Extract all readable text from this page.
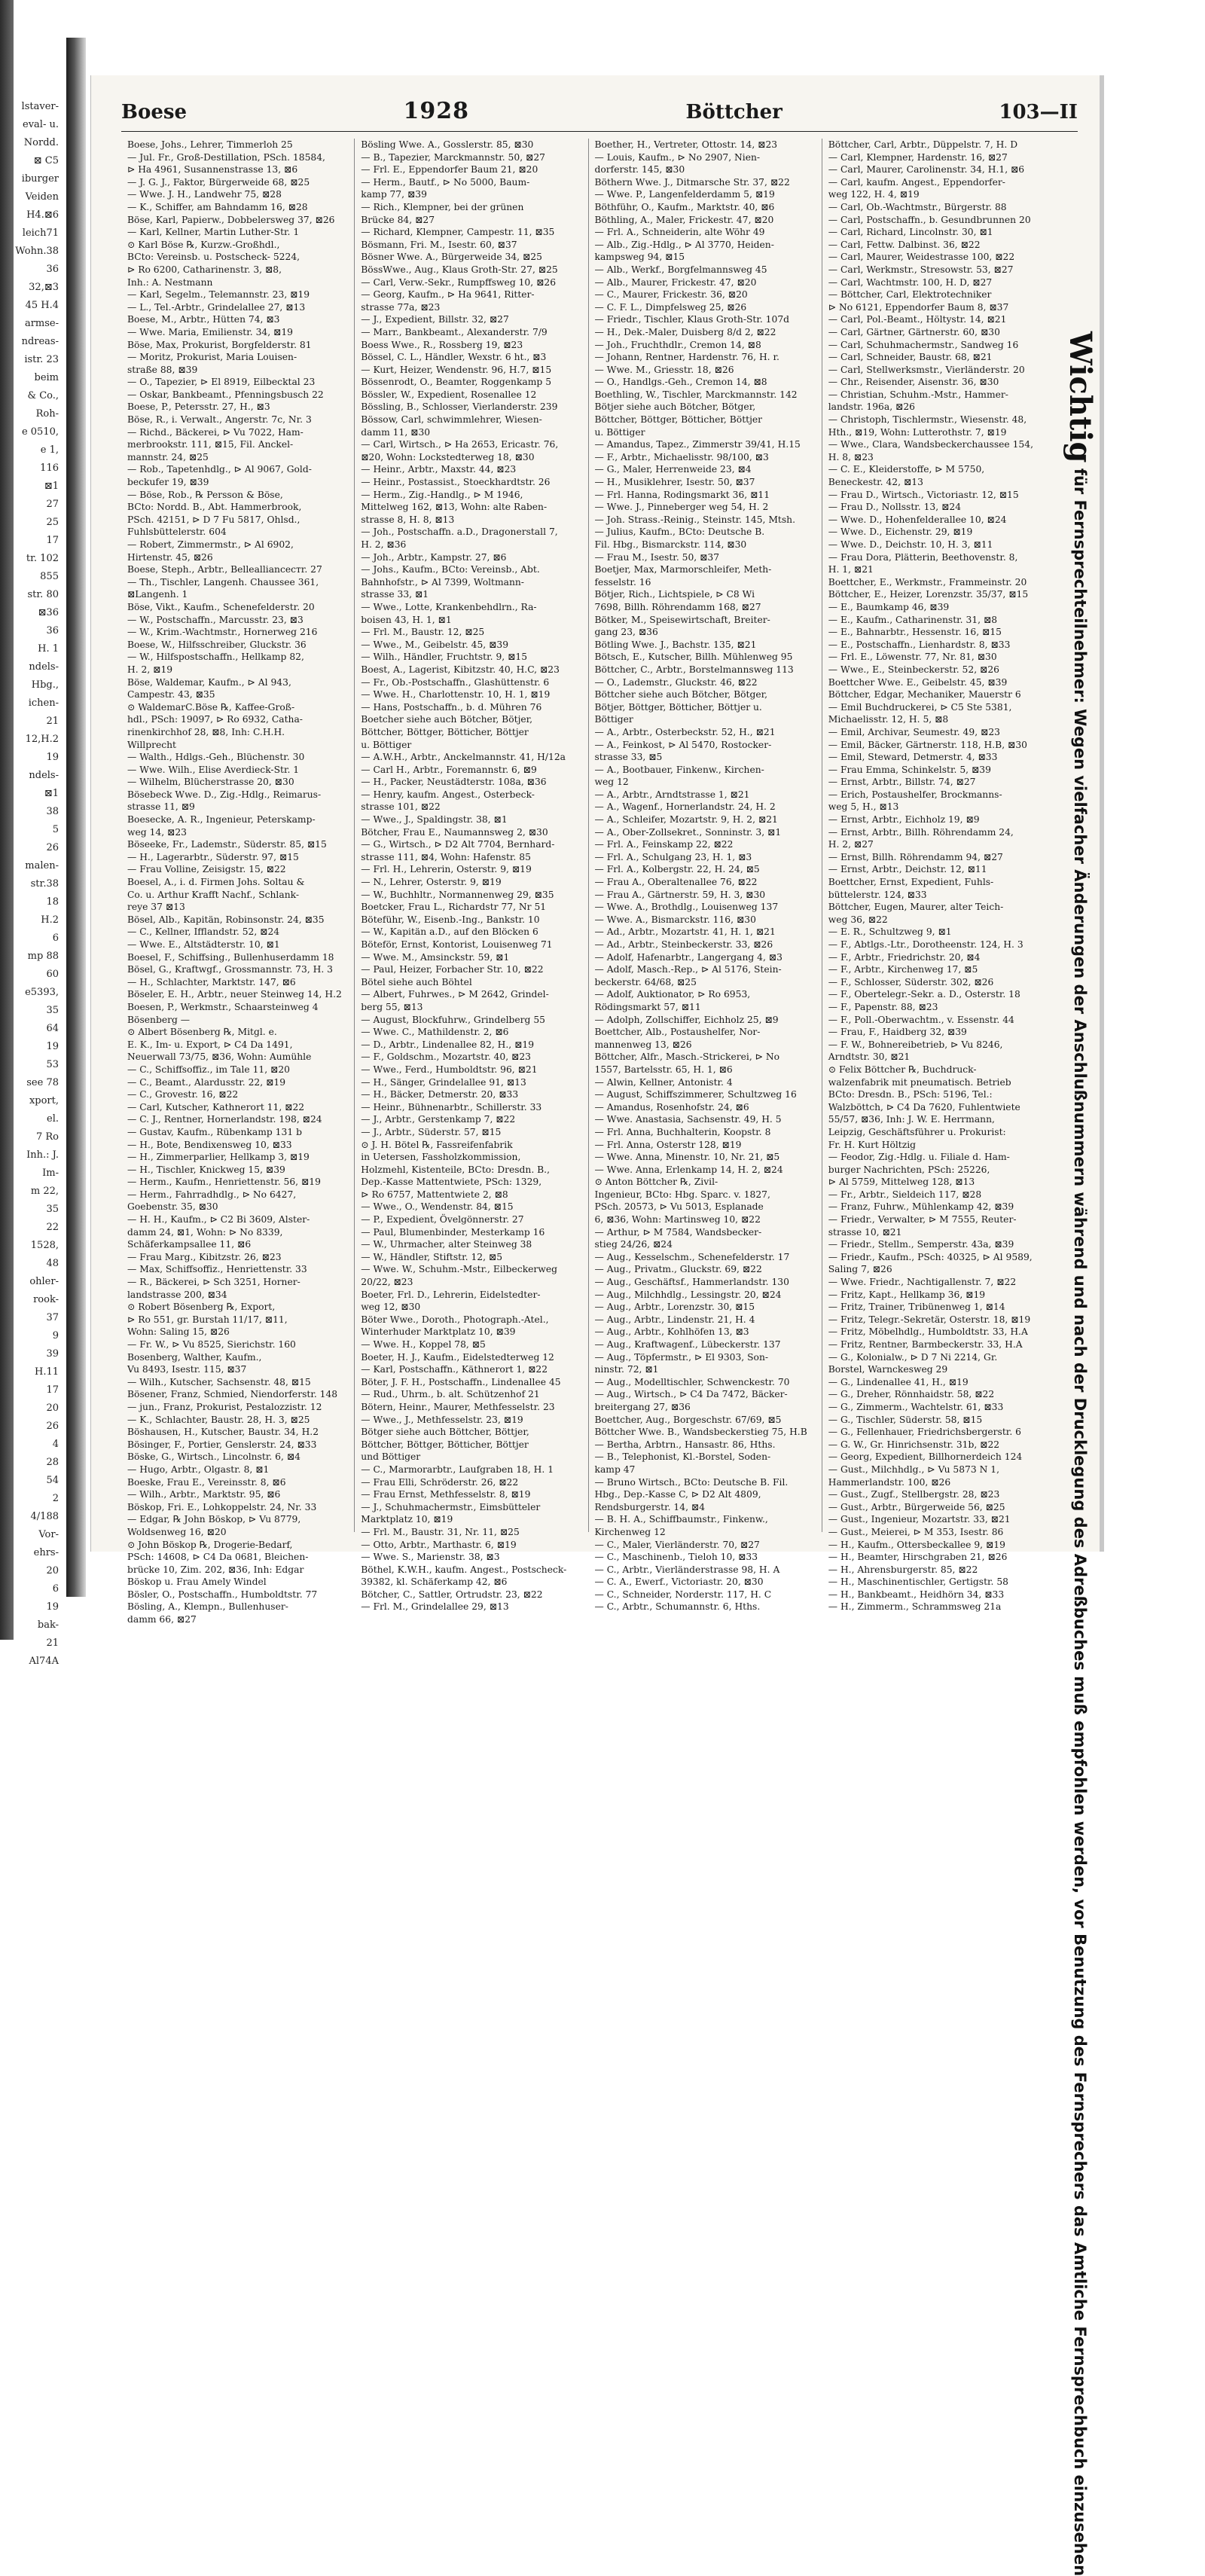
lstaver-
eval- u.
Nordd.
⊠ C5
iburger
Veiden
H4.⊠6
leich71
Wohn.38
36
32,⊠3
45 H.4
armse-
ndreas-
istr. 23
beim
& Co.,
Roh-
e 0510,
e 1,
116
⊠1
27
25
17
tr. 102
855
str. 80
⊠36
36
H. 1
ndels-
Hbg.,
ichen-
21
12,H.2
19
ndels-
⊠1
38
5
26
malen-
str.38
18
H.2
6
mp 88
60
e5393,
35
64
19
53
see 78
xport,
el.
7 Ro
Inh.: J.
Im-
m 22,
35
22
1528,
48
ohler-
rook-
37
9
39
H.11
17
20
26
4
28
54
2
4/188
Vor-
ehrs-
20
6
19
bak-
21
Al74A
Boese	1928	Böttcher	103—II

Boese, Johs., Lehrer, Timmerloh 25

— Jul. Fr., Groß-Destillation, PSch. 18584,

⊳ Ha 4961, Susannenstrasse 13, ⊠6

— J. G. J., Faktor, Bürgerweide 68, ⊠25

— Wwe. J. H., Landwehr 75, ⊠28

— K., Schiffer, am Bahndamm 16, ⊠28

Böse, Karl, Papierw., Dobbelersweg 37, ⊠26

— Karl, Kellner, Martin Luther-Str. 1

⊙ Karl Böse ℞, Kurzw.-Großhdl.,

BCto: Vereinsb. u. Postscheck- 5224,

⊳ Ro 6200, Catharinenstr. 3, ⊠8,

Inh.: A. Nestmann

— Karl, Segelm., Telemannstr. 23, ⊠19

— L., Tel.-Arbtr., Grindelallee 27, ⊠13

Boese, M., Arbtr., Hütten 74, ⊠3

— Wwe. Maria, Emilienstr. 34, ⊠19

Böse, Max, Prokurist, Borgfelderstr. 81

— Moritz, Prokurist, Maria Louisen-

straße 88, ⊠39

— O., Tapezier, ⊳ El 8919, Eilbecktal 23

— Oskar, Bankbeamt., Pfenningsbusch 22

Boese, P., Petersstr. 27, H., ⊠3

Böse, R., i. Verwalt., Angerstr. 7c, Nr. 3

— Richd., Bäckerei, ⊳ Vu 7022, Ham-

merbrookstr. 111, ⊠15, Fil. Anckel-

mannstr. 24, ⊠25

— Rob., Tapetenhdlg., ⊳ Al 9067, Gold-

beckufer 19, ⊠39

— Böse, Rob., ℞ Persson & Böse,

BCto: Nordd. B., Abt. Hammerbrook,

PSch. 42151, ⊳ D 7 Fu 5817, Ohlsd.,

Fuhlsbüttelerstr. 604

— Robert, Zimmermstr., ⊳ Al 6902,

Hirtenstr. 45, ⊠26

Boese, Steph., Arbtr., Belleallianceстr. 27

— Th., Tischler, Langenh. Chaussee 361,

⊠Langenh. 1

Böse, Vikt., Kaufm., Schenefelderstr. 20

— W., Postschaffn., Marcusstr. 23, ⊠3

— W., Krim.-Wachtmstr., Hornerweg 216

Boese, W., Hilfsschreiber, Gluckstr. 36

— W., Hilfspostschaffn., Hellkamp 82,

H. 2, ⊠19

Böse, Waldemar, Kaufm., ⊳ Al 943,

Campestr. 43, ⊠35

⊙ WaldemarC.Böse ℞, Kaffee-Groß-

hdl., PSch: 19097, ⊳ Ro 6932, Catha-

rinenkirchhof 28, ⊠8, Inh: C.H.H.

Willprecht

— Walth., Hdlgs.-Geh., Blüchenstr. 30

— Wwe. Wilh., Elise Averdieck-Str. 1

— Wilhelm, Blücherstrasse 20, ⊠30

Bösebeck Wwe. D., Zig.-Hdlg., Reimarus-

strasse 11, ⊠9

Boesecke, A. R., Ingenieur, Peterskamp-

weg 14, ⊠23

Böseeke, Fr., Lademstr., Süderstr. 85, ⊠15

— H., Lagerarbtr., Süderstr. 97, ⊠15

— Frau Volline, Zeisigstr. 15, ⊠22

Boesel, A., i. d. Firmen Johs. Soltau &

Co. u. Arthur Krafft Nachf., Schlank-

reye 37 ⊠13

Bösel, Alb., Kapitän, Robinsonstr. 24, ⊠35

— C., Kellner, Ifflandstr. 52, ⊠24

— Wwe. E., Altstädterstr. 10, ⊠1

Boesel, F., Schiffsing., Bullenhuserdamm 18

Bösel, G., Kraftwgf., Grossmannstr. 73, H. 3

— H., Schlachter, Marktstr. 147, ⊠6

Böseler, E. H., Arbtr., neuer Steinweg 14, H.2

Boesen, P., Werkmstr., Schaarsteinweg 4

Bösenberg —

⊙ Albert Bösenberg ℞, Mitgl. e.

E. K., Im- u. Export, ⊳ C4 Da 1491,

Neuerwall 73/75, ⊠36, Wohn: Aumühle

— C., Schiffsoffiz., im Tale 11, ⊠20

— C., Beamt., Alardusstr. 22, ⊠19

— C., Grovestr. 16, ⊠22

— Carl, Kutscher, Kathnerort 11, ⊠22

— C. J., Rentner, Hornerlandstr. 198, ⊠24

— Gustav, Kaufm., Rübenkamp 131 b

— H., Bote, Bendixensweg 10, ⊠33

— H., Zimmerparlier, Hellkamp 3, ⊠19

— H., Tischler, Knickweg 15, ⊠39

— Herm., Kaufm., Henriettenstr. 56, ⊠19

— Herm., Fahrradhdlg., ⊳ No 6427,

Goebenstr. 35, ⊠30

— H. H., Kaufm., ⊳ C2 Bi 3609, Alster-

damm 24, ⊠1, Wohn: ⊳ No 8339,

Schäferkampsallee 11, ⊠6

— Frau Marg., Kibitzstr. 26, ⊠23

— Max, Schiffsoffiz., Henriettenstr. 33

— R., Bäckerei, ⊳ Sch 3251, Horner-

landstrasse 200, ⊠34

⊙ Robert Bösenberg ℞, Export,

⊳ Ro 551, gr. Burstah 11/17, ⊠11,

Wohn: Saling 15, ⊠26

— Fr. W., ⊳ Vu 8525, Sierichstr. 160

Bosenberg, Walther, Kaufm.,

Vu 8493, Isestr. 115, ⊠37

— Wilh., Kutscher, Sachsenstr. 48, ⊠15

Bösener, Franz, Schmied, Niendorferstr. 148

— jun., Franz, Prokurist, Pestalozzistr. 12

— K., Schlachter, Baustr. 28, H. 3, ⊠25

Böshausen, H., Kutscher, Baustr. 34, H.2

Bösinger, F., Portier, Genslerstr. 24, ⊠33

Böske, G., Wirtsch., Lincolnstr. 6, ⊠4

— Hugo, Arbtr., Olgastr. 8, ⊠1

Boeske, Frau E., Vereinsstr. 8, ⊠6

— Wilh., Arbtr., Marktstr. 95, ⊠6

Böskop, Fri. E., Lohkoppelstr. 24, Nr. 33

— Edgar, ℞ John Böskop, ⊳ Vu 8779,

Woldsenweg 16, ⊠20

⊙ John Böskop ℞, Drogerie-Bedarf,

PSch: 14608, ⊳ C4 Da 0681, Bleichen-

brücke 10, Zim. 202, ⊠36, Inh: Edgar

Böskop u. Frau Amely Windel

Bösler, O., Postschaffn., Humboldtstr. 77

Bösling, A., Klempn., Bullenhuser-

damm 66, ⊠27

Bösling Wwe. A., Gosslerstr. 85, ⊠30

— B., Tapezier, Marckmannstr. 50, ⊠27

— Frl. E., Eppendorfer Baum 21, ⊠20

— Herm., Bautf., ⊳ No 5000, Baum-

kamp 77, ⊠39

— Rich., Klempner, bei der grünen

Brücke 84, ⊠27

— Richard, Klempner, Campestr. 11, ⊠35

Bösmann, Fri. M., Isestr. 60, ⊠37

Bösner Wwe. A., Bürgerweide 34, ⊠25

BössWwe., Aug., Klaus Groth-Str. 27, ⊠25

— Carl, Verw.-Sekr., Rumpffsweg 10, ⊠26

— Georg, Kaufm., ⊳ Ha 9641, Ritter-

strasse 77a, ⊠23

— J., Expedient, Billstr. 32, ⊠27

— Marr., Bankbeamt., Alexanderstr. 7/9

Boess Wwe., R., Rossberg 19, ⊠23

Bössel, C. L., Händler, Wexstr. 6 ht., ⊠3

— Kurt, Heizer, Wendenstr. 96, H.7, ⊠15

Bössenrodt, O., Beamter, Roggenkamp 5

Bössler, W., Expedient, Rosenallee 12

Bössling, B., Schlosser, Vierlanderstr. 239

Bössow, Carl, schwimmlehrer, Wiesen-

damm 11, ⊠30

— Carl, Wirtsch., ⊳ Ha 2653, Ericastr. 76,

⊠20, Wohn: Lockstedterweg 18, ⊠30

— Heinr., Arbtr., Maxstr. 44, ⊠23

— Heinr., Postassist., Stoeckhardtstr. 26

— Herm., Zig.-Handlg., ⊳ M 1946,

Mittelweg 162, ⊠13, Wohn: alte Raben-

strasse 8, H. 8, ⊠13

— Joh., Postschaffn. a.D., Dragonerstall 7,

H. 2, ⊠36

— Joh., Arbtr., Kampstr. 27, ⊠6

— Johs., Kaufm., BCto: Vereinsb., Abt.

Bahnhofstr., ⊳ Al 7399, Woltmann-

strasse 33, ⊠1

— Wwe., Lotte, Krankenbehdlrn., Ra-

boisen 43, H. 1, ⊠1

— Frl. M., Baustr. 12, ⊠25

— Wwe., M., Geibelstr. 45, ⊠39

— Wilh., Händler, Fruchtstr. 9, ⊠15

Boest, A., Lagerist, Kibitzstr. 40, H.C, ⊠23

— Fr., Ob.-Postschaffn., Glashüttenstr. 6

— Wwe. H., Charlottenstr. 10, H. 1, ⊠19

— Hans, Postschaffn., b. d. Mühren 76

Boetcher siehe auch Bötcher, Bötjer,

Böttcher, Böttger, Bötticher, Böttjer

u. Böttiger

— A.W.H., Arbtr., Anckelmannstr. 41, H/12a

— Carl H., Arbtr., Foremannstr. 6, ⊠9

— H., Packer, Neustädterstr. 108a, ⊠36

— Henry, kaufm. Angest., Osterbeck-

strasse 101, ⊠22

— Wwe., J., Spaldingstr. 38, ⊠1

Bötcher, Frau E., Naumannsweg 2, ⊠30

— G., Wirtsch., ⊳ D2 Alt 7704, Bernhard-

strasse 111, ⊠4, Wohn: Hafenstr. 85

— Frl. H., Lehrerin, Osterstr. 9, ⊠19

— N., Lehrer, Osterstr. 9, ⊠19

— W., Buchhltr., Normannenweg 29, ⊠35

Boetcker, Frau L., Richardstr 77, Nr 51

Böteführ, W., Eisenb.-Ing., Bankstr. 10

— W., Kapitän a.D., auf den Blöcken 6

Böteför, Ernst, Kontorist, Louisenweg 71

— Wwe. M., Amsinckstr. 59, ⊠1

— Paul, Heizer, Forbacher Str. 10, ⊠22

Bötel siehe auch Böhtel

— Albert, Fuhrwes., ⊳ M 2642, Grindel-

berg 55, ⊠13

— August, Blockfuhrw., Grindelberg 55

— Wwe. C., Mathildenstr. 2, ⊠6

— D., Arbtr., Lindenallee 82, H., ⊠19

— F., Goldschm., Mozartstr. 40, ⊠23

— Wwe., Ferd., Humboldtstr. 96, ⊠21

— H., Sänger, Grindelallee 91, ⊠13

— H., Bäcker, Detmerstr. 20, ⊠33

— Heinr., Bühnenarbtr., Schillerstr. 33

— J., Arbtr., Gerstenkamp 7, ⊠22

— J., Arbtr., Süderstr. 57, ⊠15

⊙ J. H. Bötel ℞, Fassreifenfabrik

in Uetersen, Fassholzkommission,

Holzmehl, Kistenteile, BCto: Dresdn. B.,

Dep.-Kasse Mattentwiete, PSch: 1329,

⊳ Ro 6757, Mattentwiete 2, ⊠8

— Wwe., O., Wendenstr. 84, ⊠15

— P., Expedient, Övelgönnerstr. 27

— Paul, Blumenbinder, Mesterkamp 16

— W., Uhrmacher, alter Steinweg 38

— W., Händler, Stiftstr. 12, ⊠5

— Wwe. W., Schuhm.-Mstr., Eilbeckerweg

20/22, ⊠23

Boeter, Frl. D., Lehrerin, Eidelstedter-

weg 12, ⊠30

Böter Wwe., Doroth., Photograph.-Atel.,

Winterhuder Marktplatz 10, ⊠39

— Wwe. H., Koppel 78, ⊠5

Boeter, H. J., Kaufm., Eidelstedterweg 12

— Karl, Postschaffn., Käthnerort 1, ⊠22

Böter, J. F. H., Postschaffn., Lindenallee 45

— Rud., Uhrm., b. alt. Schützenhof 21

Bötern, Heinr., Maurer, Methfesselstr. 23

— Wwe., J., Methfesselstr. 23, ⊠19

Bötger siehe auch Böttcher, Böttjer,

Böttcher, Böttger, Bötticher, Böttjer

und Böttiger

— C., Marmorarbtr., Laufgraben 18, H. 1

— Frau Elli, Schröderstr. 26, ⊠22

— Frau Ernst, Methfesselstr. 8, ⊠19

— J., Schuhmachermstr., Eimsbütteler

Marktplatz 10, ⊠19

— Frl. M., Baustr. 31, Nr. 11, ⊠25

— Otto, Arbtr., Marthastr. 6, ⊠19

— Wwe. S., Marienstr. 38, ⊠3

Böthel, K.W.H., kaufm. Angest., Postscheck-

39382, kl. Schäferkamp 42, ⊠6

Bötcher, C., Sattler, Ortrudstr. 23, ⊠22

— Frl. M., Grindelallee 29, ⊠13

Boether, H., Vertreter, Ottostr. 14, ⊠23

— Louis, Kaufm., ⊳ No 2907, Nien-

dorferstr. 145, ⊠30

Böthern Wwe. J., Ditmarsche Str. 37, ⊠22

— Wwe. P., Langenfelderdamm 5, ⊠19

Böthführ, O., Kaufm., Marktstr. 40, ⊠6

Böthling, A., Maler, Frickestr. 47, ⊠20

— Frl. A., Schneiderin, alte Wöhr 49

— Alb., Zig.-Hdlg., ⊳ Al 3770, Heiden-

kampsweg 94, ⊠15

— Alb., Werkf., Borgfelmannsweg 45

— Alb., Maurer, Frickestr. 47, ⊠20

— C., Maurer, Frickestr. 36, ⊠20

— C. F. L., Dimpfelsweg 25, ⊠26

— Friedr., Tischler, Klaus Groth-Str. 107d

— H., Dek.-Maler, Duisberg 8/d 2, ⊠22

— Joh., Fruchthdlr., Cremon 14, ⊠8

— Johann, Rentner, Hardenstr. 76, H. r.

— Wwe. M., Griesstr. 18, ⊠26

— O., Handlgs.-Geh., Cremon 14, ⊠8

Boethling, W., Tischler, Marckmannstr. 142

Bötjer siehe auch Bötcher, Bötger,

Böttcher, Böttger, Bötticher, Böttjer

u. Böttiger

— Amandus, Tapez., Zimmerstr 39/41, H.15

— F., Arbtr., Michaelisstr. 98/100, ⊠3

— G., Maler, Herrenweide 23, ⊠4

— H., Musiklehrer, Isestr. 50, ⊠37

— Frl. Hanna, Rodingsmarkt 36, ⊠11

— Wwe. J., Pinneberger weg 54, H. 2

— Joh. Strass.-Reinig., Steinstr. 145, Mtsh.

— Julius, Kaufm., BCto: Deutsche B.

Fil. Hbg., Bismarckstr. 114, ⊠30

— Frau M., Isestr. 50, ⊠37

Boetjer, Max, Marmorschleifer, Meth-

fesselstr. 16

Bötjer, Rich., Lichtspiele, ⊳ C8 Wi

7698, Billh. Röhrendamm 168, ⊠27

Bötker, M., Speisewirtschaft, Breiter-

gang 23, ⊠36

Bötling Wwe. J., Bachstr. 135, ⊠21

Bötsch, E., Kutscher, Billh. Mühlenweg 95

Böttcher, C., Arbtr., Borstelmannsweg 113

— O., Lademstr., Gluckstr. 46, ⊠22

Böttcher siehe auch Bötcher, Bötger,

Bötjer, Böttger, Bötticher, Böttjer u.

Böttiger

— A., Arbtr., Osterbeckstr. 52, H., ⊠21

— A., Feinkost, ⊳ Al 5470, Rostocker-

strasse 33, ⊠5

— A., Bootbauer, Finkenw., Kirchen-

weg 12

— A., Arbtr., Arndtstrasse 1, ⊠21

— A., Wagenf., Hornerlandstr. 24, H. 2

— A., Schleifer, Mozartstr. 9, H. 2, ⊠21

— A., Ober-Zollsekret., Sonninstr. 3, ⊠1

— Frl. A., Feinskamp 22, ⊠22

— Frl. A., Schulgang 23, H. 1, ⊠3

— Frl. A., Kolbergstr. 22, H. 24, ⊠5

— Frau A., Oberaltenallee 76, ⊠22

— Frau A., Gärtnerstr. 59, H. 3, ⊠30

— Wwe. A., Brothdlg., Louisenweg 137

— Wwe. A., Bismarckstr. 116, ⊠30

— Ad., Arbtr., Mozartstr. 41, H. 1, ⊠21

— Ad., Arbtr., Steinbeckerstr. 33, ⊠26

— Adolf, Hafenarbtr., Langergang 4, ⊠3

— Adolf, Masch.-Rep., ⊳ Al 5176, Stein-

beckerstr. 64/68, ⊠25

— Adolf, Auktionator, ⊳ Ro 6953,

Rödingsmarkt 57, ⊠11

— Adolph, Zollschiffer, Eichholz 25, ⊠9

Boettcher, Alb., Postaushelfer, Nor-

mannenweg 13, ⊠26

Böttcher, Alfr., Masch.-Strickerei, ⊳ No

1557, Bartelsstr. 65, H. 1, ⊠6

— Alwin, Kellner, Antonistr. 4

— August, Schiffszimmerer, Schultzweg 16

— Amandus, Rosenhofstr. 24, ⊠6

— Wwe. Anastasia, Sachsenstr. 49, H. 5

— Frl. Anna, Buchhalterin, Koopstr. 8

— Frl. Anna, Osterstr 128, ⊠19

— Wwe. Anna, Minenstr. 10, Nr. 21, ⊠5

— Wwe. Anna, Erlenkamp 14, H. 2, ⊠24

⊙ Anton Böttcher ℞, Zivil-

Ingenieur, BCto: Hbg. Sparc. v. 1827,

PSch. 20573, ⊳ Vu 5013, Esplanade

6, ⊠36, Wohn: Martinsweg 10, ⊠22

— Arthur, ⊳ M 7584, Wandsbecker-

stieg 24/26, ⊠24

— Aug., Kesselschm., Schenefelderstr. 17

— Aug., Privatm., Gluckstr. 69, ⊠22

— Aug., Geschäftsf., Hammerlandstr. 130

— Aug., Milchhdlg., Lessingstr. 20, ⊠24

— Aug., Arbtr., Lorenzstr. 30, ⊠15

— Aug., Arbtr., Lindenstr. 21, H. 4

— Aug., Arbtr., Kohlhöfen 13, ⊠3

— Aug., Kraftwagenf., Lübeckerstr. 137

— Aug., Töpfermstr., ⊳ El 9303, Son-

ninstr. 72, ⊠1

— Aug., Modelltischler, Schwenckestr. 70

— Aug., Wirtsch., ⊳ C4 Da 7472, Bäcker-

breitergang 27, ⊠36

Boettcher, Aug., Borgeschstr. 67/69, ⊠5

Böttcher Wwe. B., Wandsbeckerstieg 75, H.B

— Bertha, Arbtrn., Hansastr. 86, Hths.

— B., Telephonist, Kl.-Borstel, Soden-

kamp 47

— Bruno Wirtsch., BCto: Deutsche B. Fil.

Hbg., Dep.-Kasse C, ⊳ D2 Alt 4809,

Rendsburgerstr. 14, ⊠4

— B. H. A., Schiffbaumstr., Finkenw.,

Kirchenweg 12

— C., Maler, Vierländerstr. 70, ⊠27

— C., Maschinenb., Tieloh 10, ⊠33

— C., Arbtr., Vierländerstrasse 98, H. A

— C. A., Ewerf., Victoriastr. 20, ⊠30

— C., Schneider, Norderstr. 117, H. C

— C., Arbtr., Schumannstr. 6, Hths.

Böttcher, Carl, Arbtr., Düppelstr. 7, H. D

— Carl, Klempner, Hardenstr. 16, ⊠27

— Carl, Maurer, Carolinenstr. 34, H.1, ⊠6

— Carl, kaufm. Angest., Eppendorfer-

weg 122, H. 4, ⊠19

— Carl, Ob.-Wachtmstr., Bürgerstr. 88

— Carl, Postschaffn., b. Gesundbrunnen 20

— Carl, Richard, Lincolnstr. 30, ⊠1

— Carl, Fettw. Dalbinst. 36, ⊠22

— Carl, Maurer, Weidestrasse 100, ⊠22

— Carl, Werkmstr., Stresowstr. 53, ⊠27

— Carl, Wachtmstr. 100, H. D, ⊠27

— Böttcher, Carl, Elektrotechniker

⊳ No 6121, Eppendorfer Baum 8, ⊠37

— Carl, Pol.-Beamt., Höltystr. 14, ⊠21

— Carl, Gärtner, Gärtnerstr. 60, ⊠30

— Carl, Schuhmachermstr., Sandweg 16

— Carl, Schneider, Baustr. 68, ⊠21

— Carl, Stellwerksmstr., Vierländerstr. 20

— Chr., Reisender, Aisenstr. 36, ⊠30

— Christian, Schuhm.-Mstr., Hammer-

landstr. 196a, ⊠26

— Christoph, Tischlermstr., Wiesenstr. 48,

Hth., ⊠19, Wohn: Lutterothstr. 7, ⊠19

— Wwe., Clara, Wandsbeckerchaussee 154,

H. 8, ⊠23

— C. E., Kleiderstoffe, ⊳ M 5750,

Beneckestr. 42, ⊠13

— Frau D., Wirtsch., Victoriastr. 12, ⊠15

— Frau D., Nollsstr. 13, ⊠24

— Wwe. D., Hohenfelderallee 10, ⊠24

— Wwe. D., Eichenstr. 29, ⊠19

— Wwe. D., Deichstr. 10, H. 3, ⊠11

— Frau Dora, Plätterin, Beethovenstr. 8,

H. 1, ⊠21

Boettcher, E., Werkmstr., Frammeinstr. 20

Böttcher, E., Heizer, Lorenzstr. 35/37, ⊠15

— E., Baumkamp 46, ⊠39

— E., Kaufm., Catharinenstr. 31, ⊠8

— E., Bahnarbtr., Hessenstr. 16, ⊠15

— E., Postschaffn., Lienhardstr. 8, ⊠33

— Frl. E., Löwenstr. 77, Nr. 81, ⊠30

— Wwe., E., Steinbeckerstr. 52, ⊠26

Boettcher Wwe. E., Geibelstr. 45, ⊠39

Böttcher, Edgar, Mechaniker, Mauerstr 6

— Emil Buchdruckerei, ⊳ C5 Ste 5381,

Michaelisstr. 12, H. 5, ⊠8

— Emil, Archivar, Seumestr. 49, ⊠23

— Emil, Bäcker, Gärtnerstr. 118, H.B, ⊠30

— Emil, Steward, Detmerstr. 4, ⊠33

— Frau Emma, Schinkelstr. 5, ⊠39

— Ernst, Arbtr., Billstr. 74, ⊠27

— Erich, Postaushelfer, Brockmanns-

weg 5, H., ⊠13

— Ernst, Arbtr., Eichholz 19, ⊠9

— Ernst, Arbtr., Billh. Röhrendamm 24,

H. 2, ⊠27

— Ernst, Billh. Röhrendamm 94, ⊠27

— Ernst, Arbtr., Deichstr. 12, ⊠11

Boettcher, Ernst, Expedient, Fuhls-

büttelerstr. 124, ⊠33

Böttcher, Eugen, Maurer, alter Teich-

weg 36, ⊠22

— E. R., Schultzweg 9, ⊠1

— F., Abtlgs.-Ltr., Dorotheenstr. 124, H. 3

— F., Arbtr., Friedrichstr. 20, ⊠4

— F., Arbtr., Kirchenweg 17, ⊠5

— F., Schlosser, Süderstr. 302, ⊠26

— F., Obertelegr.-Sekr. a. D., Osterstr. 18

— F., Papenstr. 88, ⊠23

— F., Poll.-Oberwachtm., v. Essenstr. 44

— Frau, F., Haidberg 32, ⊠39

— F. W., Bohnereibetrieb, ⊳ Vu 8246,

Arndtstr. 30, ⊠21

⊙ Felix Böttcher ℞, Buchdruck-

walzenfabrik mit pneumatisch. Betrieb

BCto: Dresdn. B., PSch: 5196, Tel.:

Walzböttch, ⊳ C4 Da 7620, Fuhlentwiete

55/57, ⊠36, Inh: J. W. E. Herrmann,

Leipzig, Geschäftsführer u. Prokurist:

Fr. H. Kurt Höltzig

— Feodor, Zig.-Hdlg. u. Filiale d. Ham-

burger Nachrichten, PSch: 25226,

⊳ Al 5759, Mittelweg 128, ⊠13

— Fr., Arbtr., Sieldeich 117, ⊠28

— Franz, Fuhrw., Mühlenkamp 42, ⊠39

— Friedr., Verwalter, ⊳ M 7555, Reuter-

strasse 10, ⊠21

— Friedr., Stellm., Semperstr. 43a, ⊠39

— Friedr., Kaufm., PSch: 40325, ⊳ Al 9589,

Saling 7, ⊠26

— Wwe. Friedr., Nachtigallenstr. 7, ⊠22

— Fritz, Kapt., Hellkamp 36, ⊠19

— Fritz, Trainer, Tribünenweg 1, ⊠14

— Fritz, Telegr.-Sekretär, Osterstr. 18, ⊠19

— Fritz, Möbelhdlg., Humboldtstr. 33, H.A

— Fritz, Rentner, Barmbeckerstr. 33, H.A

— G., Kolonialw., ⊳ D 7 Ni 2214, Gr.

Borstel, Warnckesweg 29

— G., Lindenallee 41, H., ⊠19

— G., Dreher, Rönnhaidstr. 58, ⊠22

— G., Zimmerm., Wachtelstr. 61, ⊠33

— G., Tischler, Süderstr. 58, ⊠15

— G., Fellenhauer, Friedrichsbergerstr. 6

— G. W., Gr. Hinrichsenstr. 31b, ⊠22

— Georg, Expedient, Billhornerdeich 124

— Gust., Milchhdlg., ⊳ Vu 5873 N 1,

Hammerlandstr. 100, ⊠26

— Gust., Zugf., Stellbergstr. 28, ⊠23

— Gust., Arbtr., Bürgerweide 56, ⊠25

— Gust., Ingenieur, Mozartstr. 33, ⊠21

— Gust., Meierei, ⊳ M 353, Isestr. 86

— H., Kaufm., Ottersbeckallee 9, ⊠19

— H., Beamter, Hirschgraben 21, ⊠26

— H., Ahrensburgerstr. 85, ⊠22

— H., Maschinentischler, Gertigstr. 58

— H., Bankbeamt., Heidhörn 34, ⊠33

— H., Zimmerm., Schrammsweg 21a

Wichtig für Fernsprechteilnehmer: Wegen vielfacher Änderungen der Anschlußnummern während und nach der Drucklegung des Adreßbuches muß empfohlen werden, vor Benutzung des Fernsprechers das Amtliche Fernsprechbuch einzusehen
